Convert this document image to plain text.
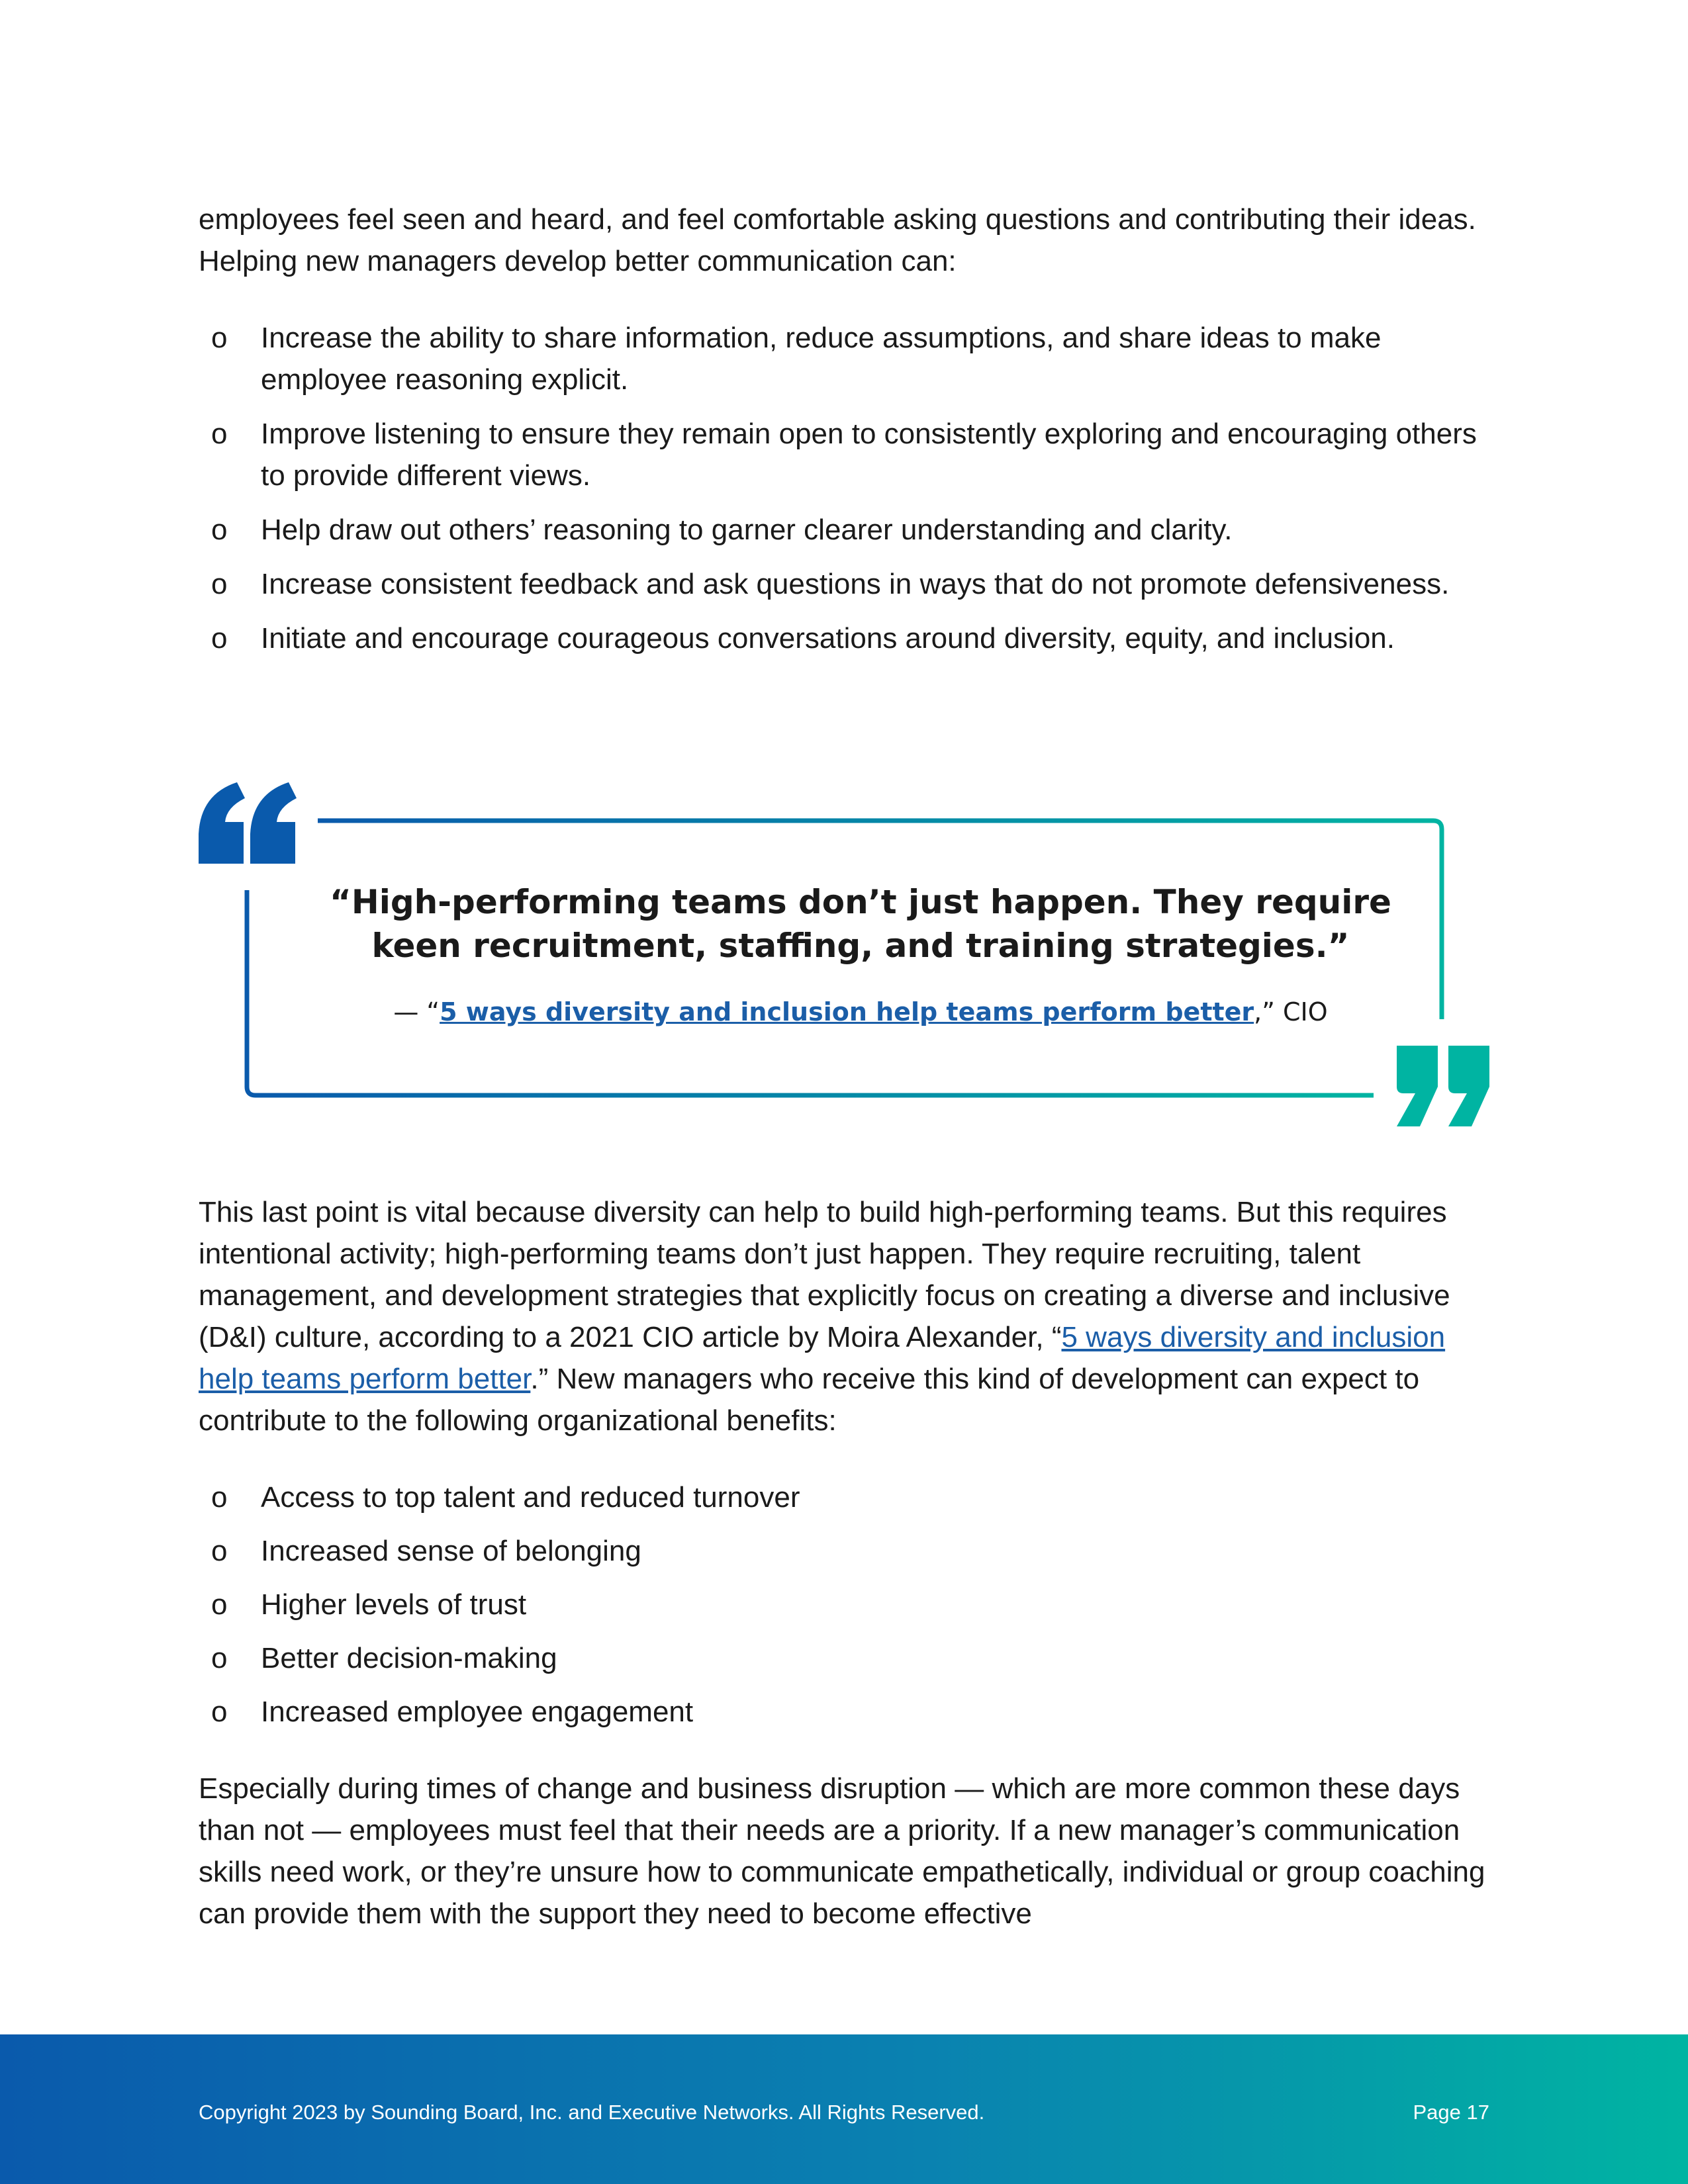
employees feel seen and heard, and feel comfortable asking questions and contributing their ideas. Helping new managers develop better communication can:

o Increase the ability to share information, reduce assumptions, and share ideas to make employee reasoning explicit.
o Improve listening to ensure they remain open to consistently exploring and encouraging others to provide different views.
o Help draw out others’ reasoning to garner clearer understanding and clarity.
o Increase consistent feedback and ask questions in ways that do not promote defensiveness.
o Initiate and encourage courageous conversations around diversity, equity, and inclusion.
“High-performing teams don’t just happen. They require keen recruitment, staffing, and training strategies.”
— “5 ways diversity and inclusion help teams perform better,” CIO

This last point is vital because diversity can help to build high-performing teams. But this requires intentional activity; high-performing teams don’t just happen. They require recruiting, talent management, and development strategies that explicitly focus on creating a diverse and inclusive (D&I) culture, according to a 2021 CIO article by Moira Alexander, “5 ways diversity and inclusion help teams perform better.” New managers who receive this kind of development can expect to contribute to the following organizational benefits:

o Access to top talent and reduced turnover
o Increased sense of belonging
o Higher levels of trust
o Better decision-making
o Increased employee engagement

Especially during times of change and business disruption — which are more common these days than not — employees must feel that their needs are a priority. If a new manager’s communication skills need work, or they’re unsure how to communicate empathetically, individual or group coaching can provide them with the support they need to become effective

Copyright 2023 by Sounding Board, Inc. and Executive Networks. All Rights Reserved.	Page 17
